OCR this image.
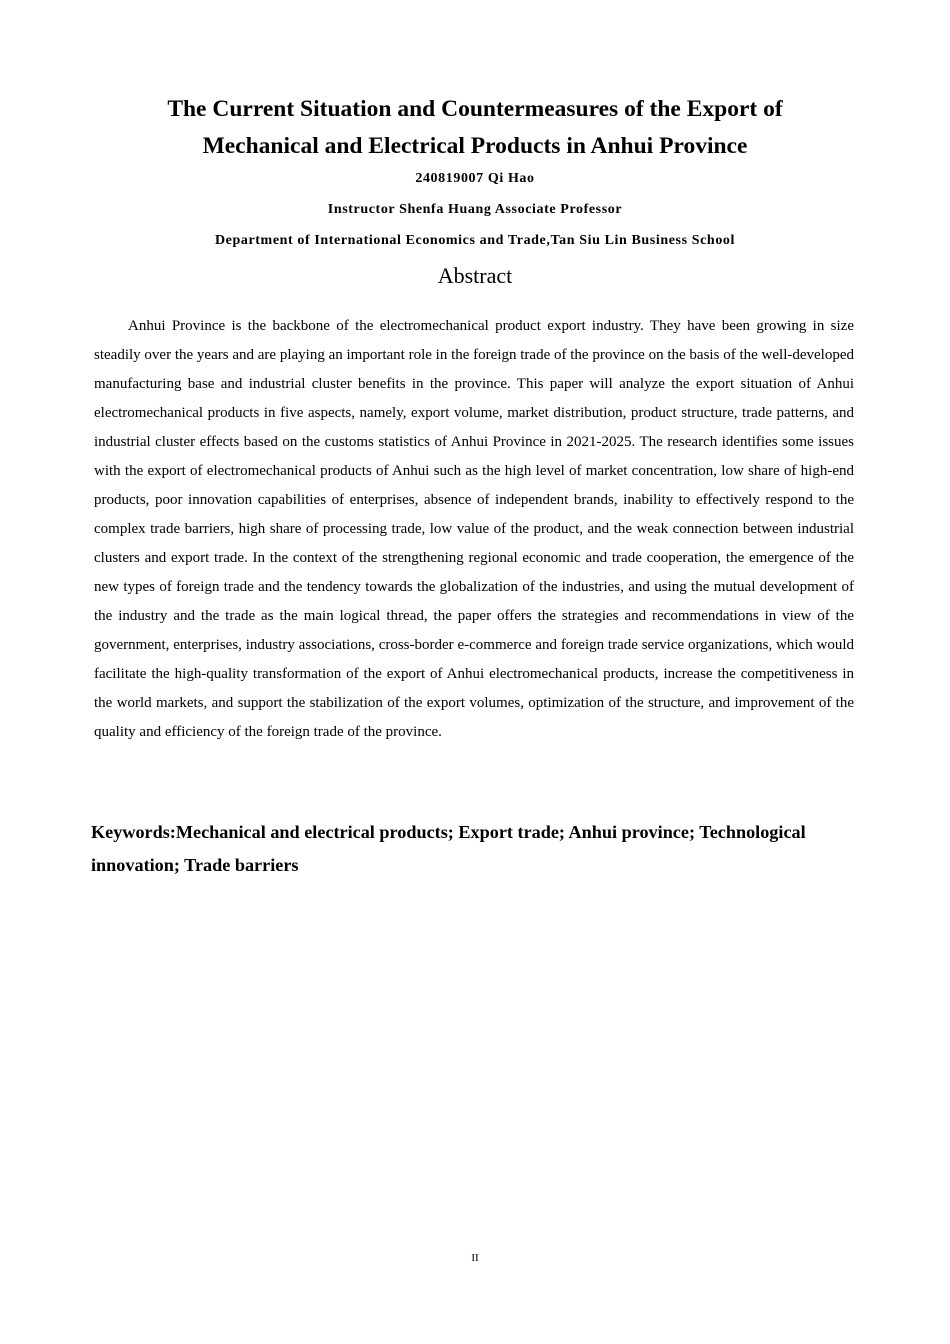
The Current Situation and Countermeasures of the Export of
Mechanical and Electrical Products in Anhui Province

240819007 Qi Hao

Instructor Shenfa Huang Associate Professor

Department of International Economics and Trade,Tan Siu Lin Business School

Abstract

Anhui Province is the backbone of the electromechanical product export industry. They have been growing in size steadily over the years and are playing an important role in the foreign trade of the province on the basis of the well-developed manufacturing base and industrial cluster benefits in the province. This paper will analyze the export situation of Anhui electromechanical products in five aspects, namely, export volume, market distribution, product structure, trade patterns, and industrial cluster effects based on the customs statistics of Anhui Province in 2021-2025. The research identifies some issues with the export of electromechanical products of Anhui such as the high level of market concentration, low share of high-end products, poor innovation capabilities of enterprises, absence of independent brands, inability to effectively respond to the complex trade barriers, high share of processing trade, low value of the product, and the weak connection between industrial clusters and export trade. In the context of the strengthening regional economic and trade cooperation, the emergence of the new types of foreign trade and the tendency towards the globalization of the industries, and using the mutual development of the industry and the trade as the main logical thread, the paper offers the strategies and recommendations in view of the government, enterprises, industry associations, cross-border e-commerce and foreign trade service organizations, which would facilitate the high-quality transformation of the export of Anhui electromechanical products, increase the competitiveness in the world markets, and support the stabilization of the export volumes, optimization of the structure, and improvement of the quality and efficiency of the foreign trade of the province.

Keywords:Mechanical and electrical products; Export trade; Anhui province; Technological innovation; Trade barriers

II
